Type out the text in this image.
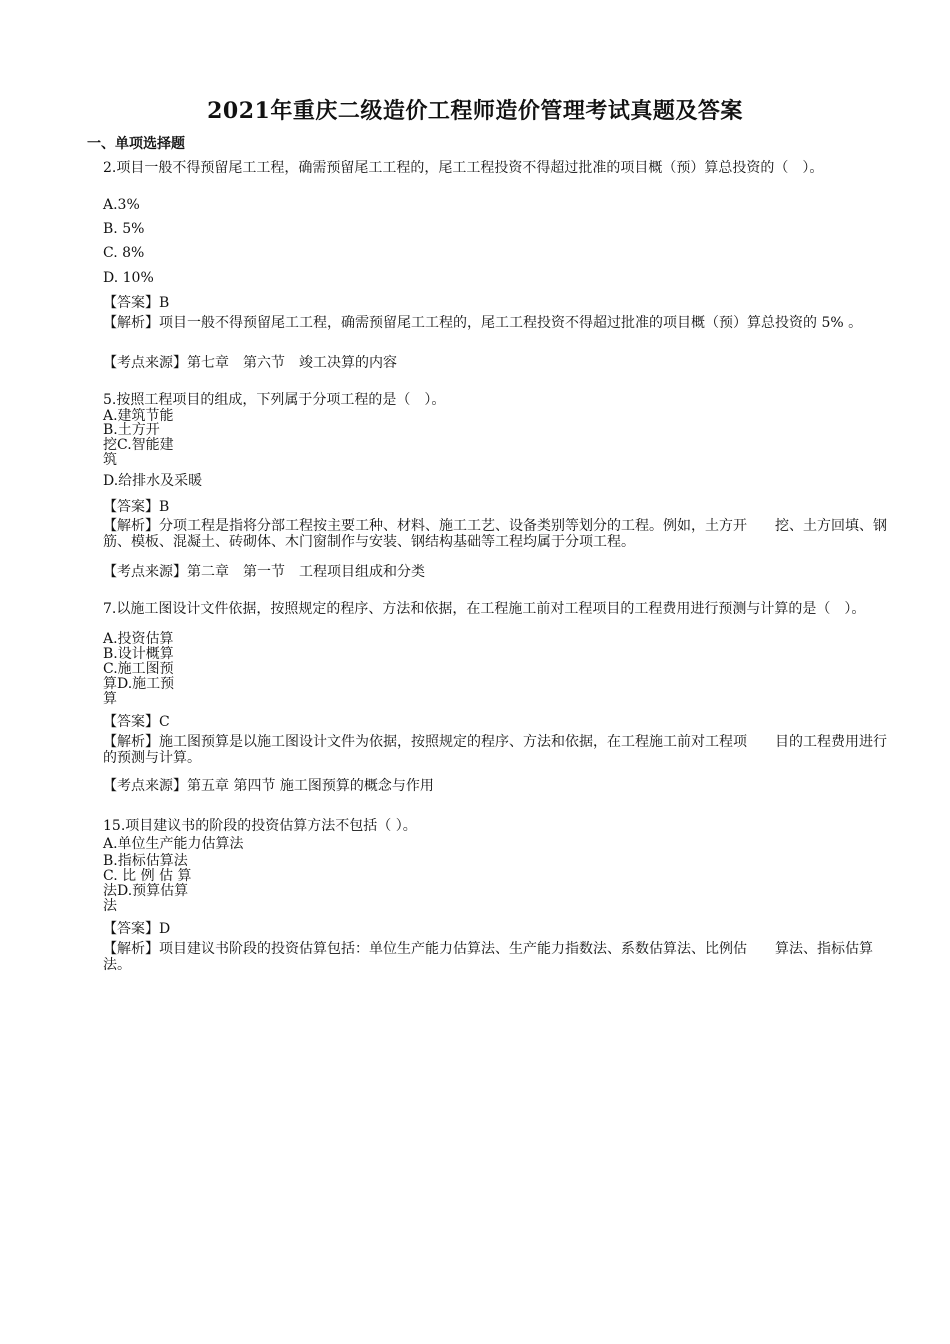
2021年重庆二级造价工程师造价管理考试真题及答案
一、单项选择题
2.项目一般不得预留尾工工程，确需预留尾工工程的，尾工工程投资不得超过批准的项目概（预）算总投资的（　）。
A.3%
B. 5%
C. 8%
D. 10%
【答案】B
【解析】项目一般不得预留尾工工程，确需预留尾工工程的，尾工工程投资不得超过批准的项目概（预）算总投资的 5% 。
【考点来源】第七章　第六节　竣工决算的内容
5.按照工程项目的组成，下列属于分项工程的是（　）。
A.建筑节能
B.土方开
挖C.智能建
筑
D.给排水及采暖
【答案】B
【解析】分项工程是指将分部工程按主要工种、材料、施工工艺、设备类别等划分的工程。例如，土方开　　挖、土方回填、钢筋、模板、混凝土、砖砌体、木门窗制作与安装、钢结构基础等工程均属于分项工程。
【考点来源】第二章　第一节　工程项目组成和分类
7.以施工图设计文件依据，按照规定的程序、方法和依据，在工程施工前对工程项目的工程费用进行预测与计算的是（　）。
A.投资估算
B.设计概算
C.施工图预
算D.施工预
算
【答案】C
【解析】施工图预算是以施工图设计文件为依据，按照规定的程序、方法和依据，在工程施工前对工程项　　目的工程费用进行的预测与计算。
【考点来源】第五章 第四节 施工图预算的概念与作用
15.项目建议书的阶段的投资估算方法不包括（ ）。
A.单位生产能力估算法
B.指标估算法
C. 比 例 估 算
法D.预算估算
法
【答案】D
【解析】项目建议书阶段的投资估算包括：单位生产能力估算法、生产能力指数法、系数估算法、比例估　　算法、指标估算法。
